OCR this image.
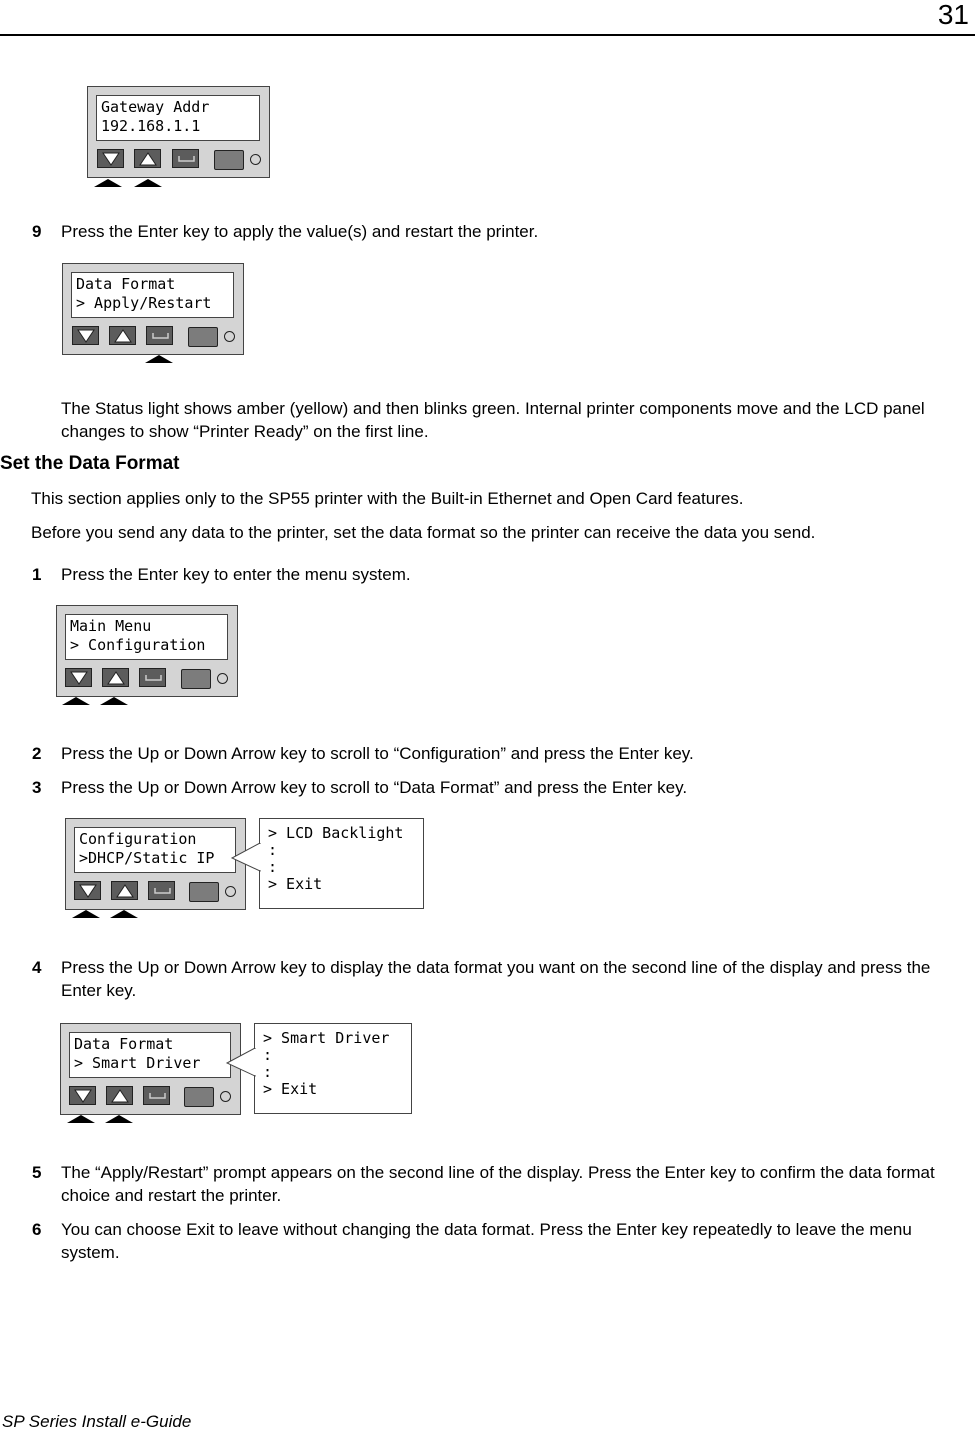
31
Gateway Addr
192.168.1.1
9 Press the Enter key to apply the value(s) and restart the printer.

Data Format
> Apply/Restart

The Status light shows amber (yellow) and then blinks green. Internal printer components move and the LCD panel changes to show “Printer Ready” on the first line.

Set the Data Format

This section applies only to the SP55 printer with the Built-in Ethernet and Open Card features.

Before you send any data to the printer, set the data format so the printer can receive the data you send.

1 Press the Enter key to enter the menu system.

Main Menu
> Configuration
2 Press the Up or Down Arrow key to scroll to “Configuration” and press the Enter key.

3 Press the Up or Down Arrow key to scroll to “Data Format” and press the Enter key.

Configuration
>DHCP/Static IP
> LCD Backlight
:
:
> Exit
4 Press the Up or Down Arrow key to display the data format you want on the second line of the display and press the Enter key.

Data Format
> Smart Driver
> Smart Driver
:
:
> Exit
5 The “Apply/Restart” prompt appears on the second line of the display. Press the Enter key to confirm the data format choice and restart the printer.

6 You can choose Exit to leave without changing the data format. Press the Enter key repeatedly to leave the menu system.

SP Series Install e-Guide
